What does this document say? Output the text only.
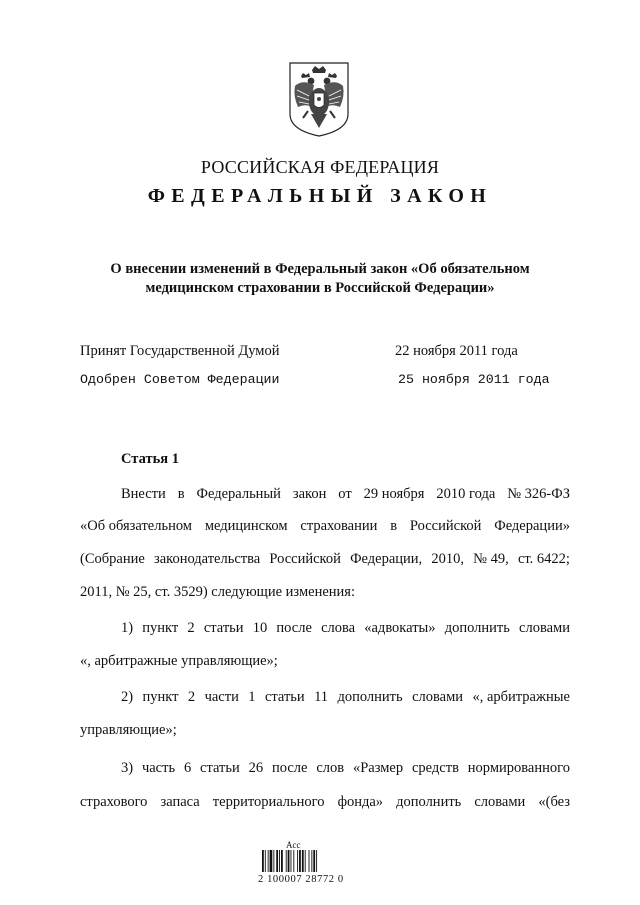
РОССИЙСКАЯ ФЕДЕРАЦИЯ
ФЕДЕРАЛЬНЫЙ ЗАКОН
О внесении изменений в Федеральный закон «Об обязательном
медицинском страховании в Российской Федерации»
Принят Государственной Думой	22 ноября 2011 года
Одобрен Советом Федерации	25 ноября 2011 года
Статья 1
Внести в Федеральный закон от 29 ноября 2010 года № 326-ФЗ
«Об обязательном медицинском страховании в Российской Федерации»
(Собрание законодательства Российской Федерации, 2010, № 49, ст. 6422;
2011, № 25, ст. 3529) следующие изменения:
1) пункт 2 статьи 10 после слова «адвокаты» дополнить словами
«, арбитражные управляющие»;
2) пункт 2 части 1 статьи 11 дополнить словами «, арбитражные
управляющие»;
3) часть 6 статьи 26 после слов «Размер средств нормированного
страхового запаса территориального фонда» дополнить словами «(без
Acc
2 100007 28772 0
